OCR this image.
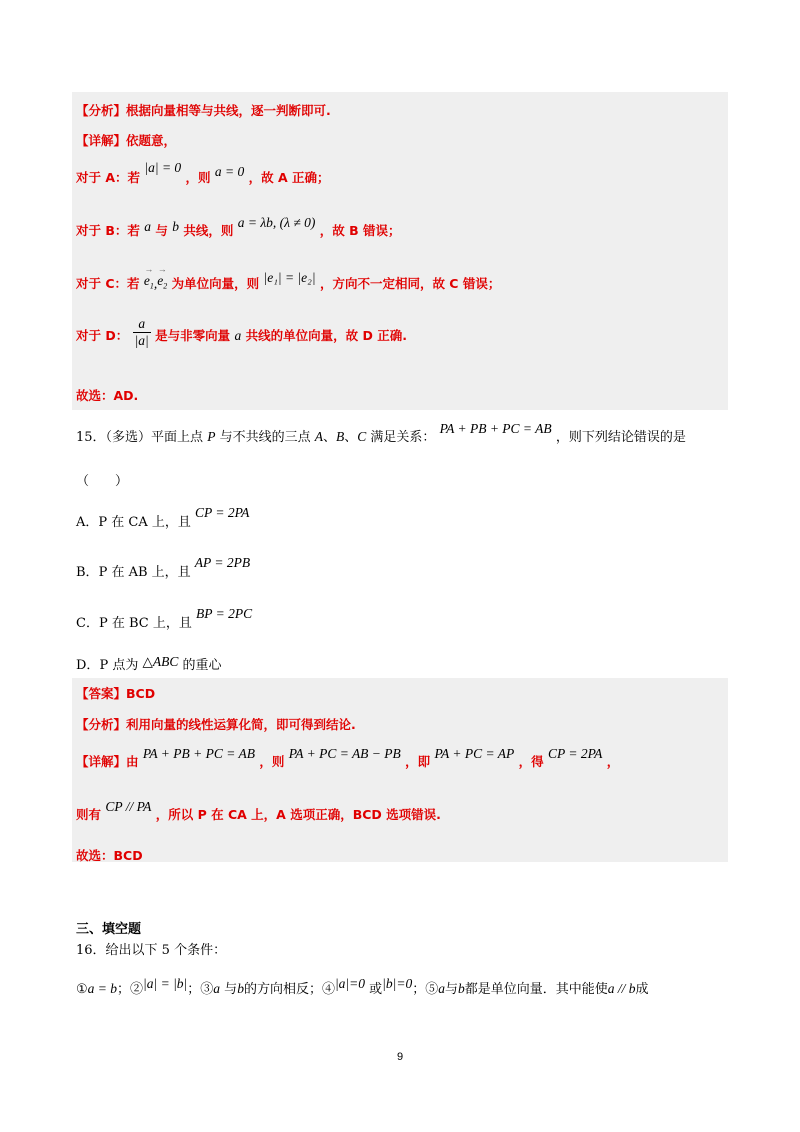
【分析】根据向量相等与共线，逐一判断即可.
【详解】依题意，
对于 A：若 |a| = 0 ，则 a = 0 ，故 A 正确；
对于 B：若 a 与 b 共线，则 a = λb, (λ ≠ 0) ，故 B 错误；
对于 C：若 → $e_1,\to e_2$ 为单位向量，则 |e₁| = |e₂| ，方向不一定相同，故 C 错误；
对于 D： $\frac{a}{|a|}$ 是与非零向量 a 共线的单位向量，故 D 正确.
故选：AD.
15．（多选）平面上点 P 与不共线的三点 A、B、C 满足关系： PA + PB + PC = AB ，则下列结论错误的是
（　　）
A．P 在 CA 上，且 CP = 2PA
B．P 在 AB 上，且 AP = 2PB
C．P 在 BC 上，且 BP = 2PC
D．P 点为 △ABC 的重心
【答案】BCD
【分析】利用向量的线性运算化简，即可得到结论.
【详解】由 PA + PB + PC = AB ，则 PA + PC = AB − PB ，即 PA + PC = AP ，得 CP = 2PA ，
则有 CP // PA ，所以 P 在 CA 上，A 选项正确，BCD 选项错误.
故选：BCD
三、填空题
16．给出以下 5 个条件：
①a = b；②|a| = |b|；③a 与b的方向相反；④|a|=0 或|b|=0；⑤a与b都是单位向量．其中能使a // b成
9
